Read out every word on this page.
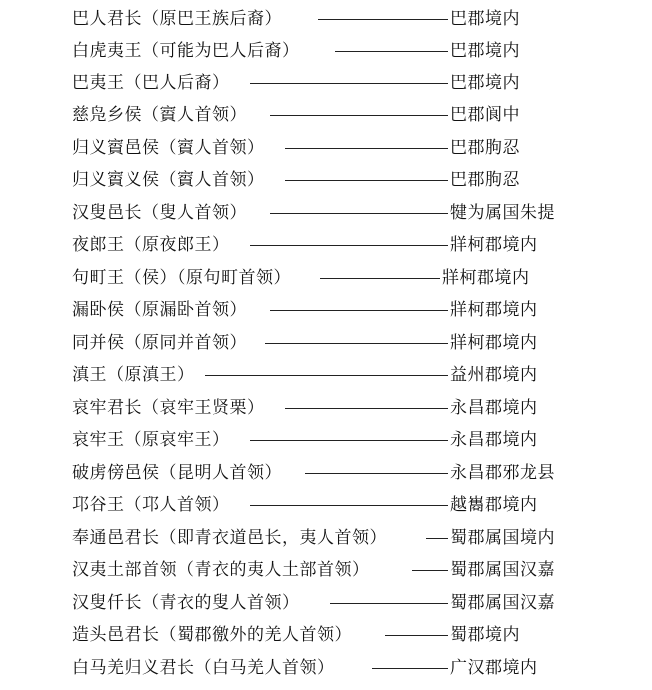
巴人君长（原巴王族后裔）	巴郡境内
白虎夷王（可能为巴人后裔）	巴郡境内
巴夷王（巴人后裔）	巴郡境内
慈凫乡侯（賨人首领）	巴郡阆中
归义賨邑侯（賨人首领）	巴郡朐忍
归义賨义侯（賨人首领）	巴郡朐忍
汉叟邑长（叟人首领）	犍为属国朱提
夜郎王（原夜郎王）	牂柯郡境内
句町王（侯）（原句町首领）	牂柯郡境内
漏卧侯（原漏卧首领）	牂柯郡境内
同并侯（原同并首领）	牂柯郡境内
滇王（原滇王）	益州郡境内
哀牢君长（哀牢王贤栗）	永昌郡境内
哀牢王（原哀牢王）	永昌郡境内
破虏傍邑侯（昆明人首领）	永昌郡邪龙县
邛谷王（邛人首领）	越巂郡境内
奉通邑君长（即青衣道邑长，夷人首领）	蜀郡属国境内
汉夷土部首领（青衣的夷人土部首领）	蜀郡属国汉嘉
汉叟仟长（青衣的叟人首领）	蜀郡属国汉嘉
造头邑君长（蜀郡徼外的羌人首领）	蜀郡境内
白马羌归义君长（白马羌人首领）	广汉郡境内
